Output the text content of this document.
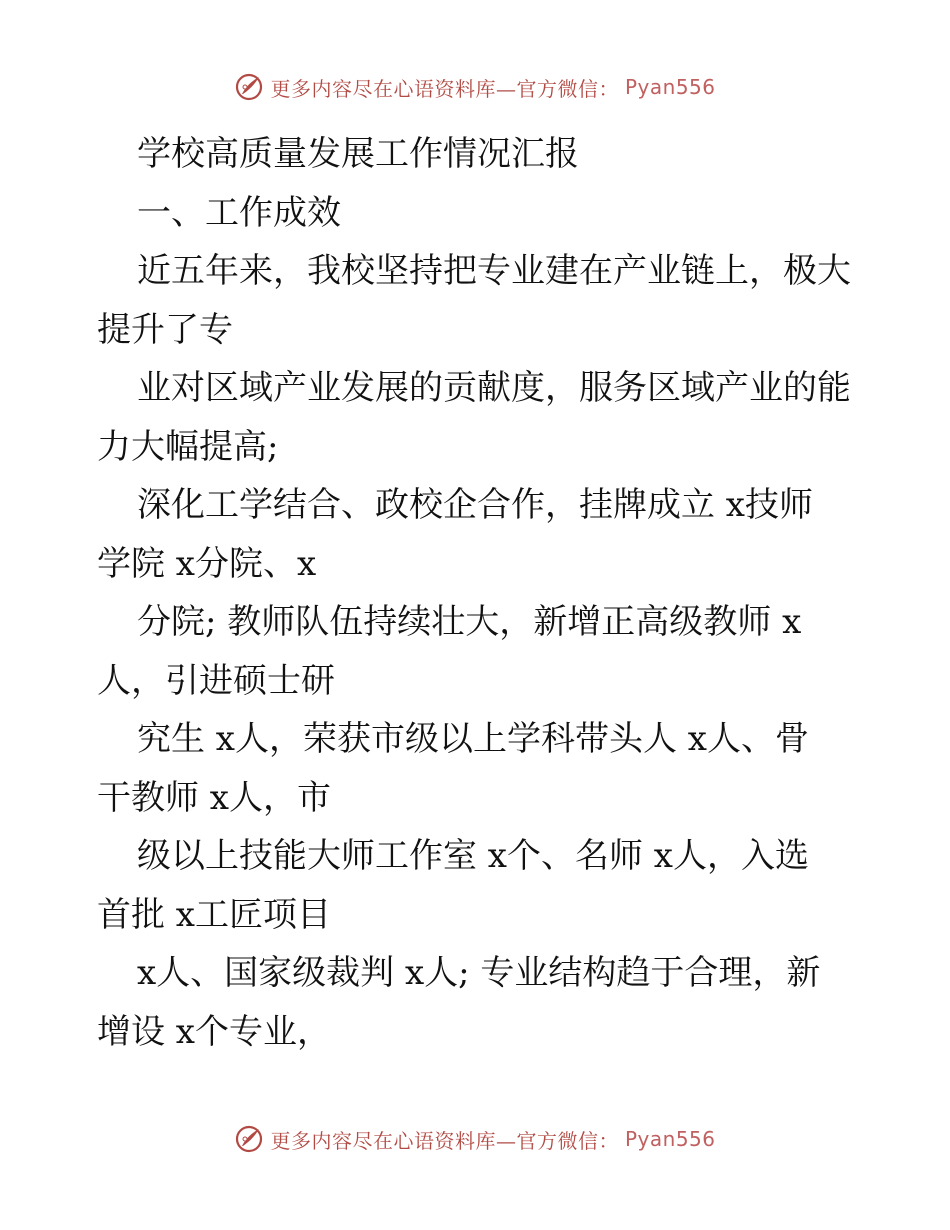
更多内容尽在心语资料库—官方微信： Pyan556

学校高质量发展工作情况汇报

一、工作成效

近五年来，我校坚持把专业建在产业链上，极大

提升了专

业对区域产业发展的贡献度，服务区域产业的能

力大幅提高;

深化工学结合、政校企合作，挂牌成立 x技师

学院 x分院、x

分院; 教师队伍持续壮大，新增正高级教师 x

人，引进硕士研

究生 x人，荣获市级以上学科带头人 x人、骨

干教师 x人，市

级以上技能大师工作室 x个、名师 x人，入选

首批 x工匠项目

x人、国家级裁判 x人; 专业结构趋于合理，新

增设 x个专业，

更多内容尽在心语资料库—官方微信： Pyan556
